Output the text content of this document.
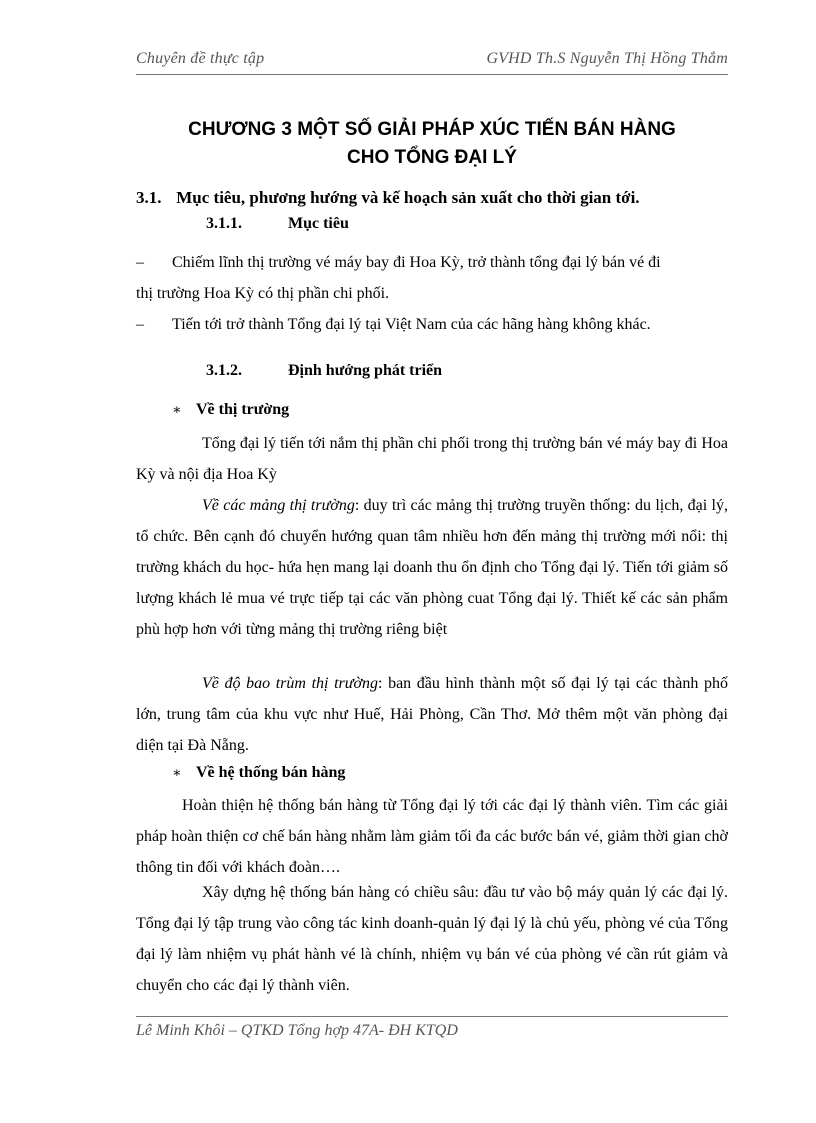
Chuyên đề thực tập	GVHD Th.S Nguyễn Thị Hồng Thắm
CHƯƠNG 3 MỘT SỐ GIẢI PHÁP XÚC TIẾN BÁN HÀNG
CHO TỔNG ĐẠI LÝ
3.1. Mục tiêu, phương hướng và kế hoạch sản xuất cho thời gian tới.
3.1.1.	Mục tiêu
– Chiếm lĩnh thị trường vé máy bay đi Hoa Kỳ, trở thành tổng đại lý bán vé đi
thị trường Hoa Kỳ có thị phần chi phối.
– Tiến tới trở thành Tổng đại lý tại Việt Nam của các hãng hàng không khác.
3.1.2.	Định hướng phát triển
∗ Về thị trường
Tổng đại lý tiến tới nắm thị phần chi phối trong thị trường bán vé máy bay đi Hoa Kỳ và nội địa Hoa Kỳ
Về các mảng thị trường: duy trì các mảng thị trường truyền thống: du lịch, đại lý, tổ chức. Bên cạnh đó chuyển hướng quan tâm nhiều hơn đến mảng thị trường mới nổi: thị trường khách du học- hứa hẹn mang lại doanh thu ổn định cho Tổng đại lý. Tiến tới giảm số lượng khách lẻ mua vé trực tiếp tại các văn phòng cuat Tổng đại lý. Thiết kế các sản phẩm phù hợp hơn với từng mảng thị trường riêng biệt
Về độ bao trùm thị trường: ban đầu hình thành một số đại lý tại các thành phố lớn, trung tâm của khu vực như Huế, Hải Phòng, Cần Thơ. Mở thêm một văn phòng đại diện tại Đà Nẵng.
∗ Về hệ thống bán hàng
Hoàn thiện hệ thống bán hàng từ Tổng đại lý tới các đại lý thành viên. Tìm các giải pháp hoàn thiện cơ chế bán hàng nhằm làm giảm tối đa các bước bán vé, giảm thời gian chờ thông tin đối với khách đoàn….
Xây dựng hệ thống bán hàng có chiều sâu: đầu tư vào bộ máy quản lý các đại lý. Tổng đại lý tập trung vào công tác kinh doanh-quản lý đại lý là chủ yếu, phòng vé của Tổng đại lý làm nhiệm vụ phát hành vé là chính, nhiệm vụ bán vé của phòng vé cần rút giảm và chuyển cho các đại lý thành viên.
Lê Minh Khôi – QTKD Tổng hợp 47A- ĐH KTQD
